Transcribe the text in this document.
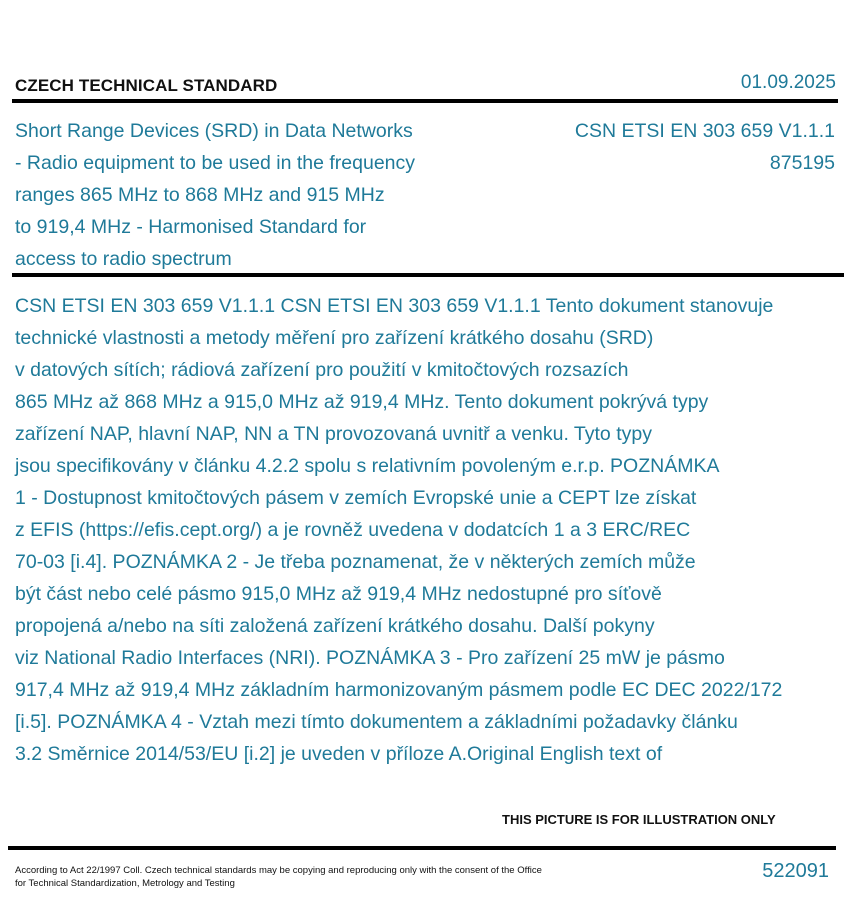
CZECH TECHNICAL STANDARD	01.09.2025
Short Range Devices (SRD) in Data Networks
- Radio equipment to be used in the frequency
ranges 865 MHz to 868 MHz and 915 MHz
to 919,4 MHz - Harmonised Standard for
access to radio spectrum
CSN ETSI EN 303 659 V1.1.1
875195
CSN ETSI EN 303 659 V1.1.1 CSN ETSI EN 303 659 V1.1.1 Tento dokument stanovuje
technické vlastnosti a metody měření pro zařízení krátkého dosahu (SRD)
v datových sítích; rádiová zařízení pro použití v kmitočtových rozsazích
865 MHz až 868 MHz a 915,0 MHz až 919,4 MHz. Tento dokument pokrývá typy
zařízení NAP, hlavní NAP, NN a TN provozovaná uvnitř a venku. Tyto typy
jsou specifikovány v článku 4.2.2 spolu s relativním povoleným e.r.p. POZNÁMKA
1 - Dostupnost kmitočtových pásem v zemích Evropské unie a CEPT lze získat
z EFIS (https://efis.cept.org/) a je rovněž uvedena v dodatcích 1 a 3 ERC/REC
70-03 [i.4]. POZNÁMKA 2 - Je třeba poznamenat, že v některých zemích může
být část nebo celé pásmo 915,0 MHz až 919,4 MHz nedostupné pro síťově
propojená a/nebo na síti založená zařízení krátkého dosahu. Další pokyny
viz National Radio Interfaces (NRI). POZNÁMKA 3 - Pro zařízení 25 mW je pásmo
917,4 MHz až 919,4 MHz základním harmonizovaným pásmem podle EC DEC 2022/172
[i.5]. POZNÁMKA 4 - Vztah mezi tímto dokumentem a základními požadavky článku
3.2 Směrnice 2014/53/EU [i.2] je uveden v příloze A.Original English text of
THIS PICTURE IS FOR ILLUSTRATION ONLY
According to Act 22/1997 Coll. Czech technical standards may be copying and reproducing only with the consent of the Office
for Technical Standardization, Metrology and Testing
522091
